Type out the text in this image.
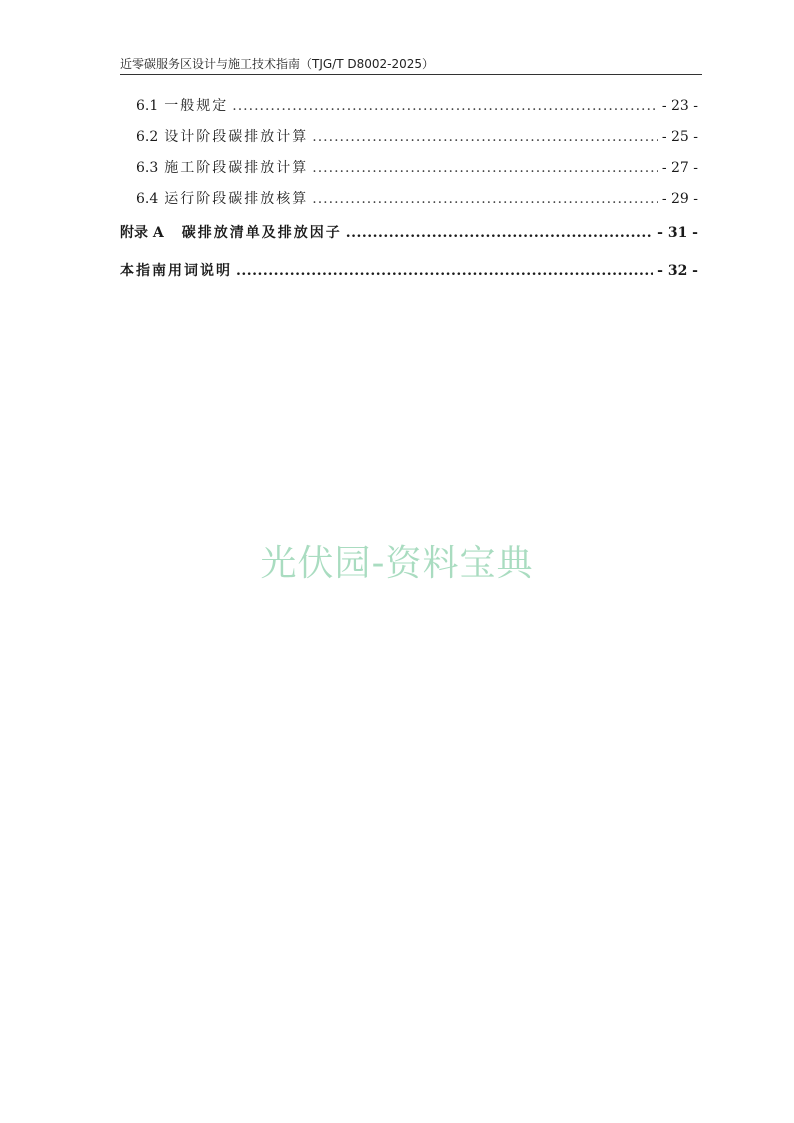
近零碳服务区设计与施工技术指南（TJG/T D8002-2025）
6.1 一般规定 .....	- 23 -
6.2 设计阶段碳排放计算 .....	- 25 -
6.3 施工阶段碳排放计算 .....	- 27 -
6.4 运行阶段碳排放核算 .....	- 29 -
附录 A 碳排放清单及排放因子 .....	- 31 -
本指南用词说明 .....	- 32 -
光伏园-资料宝典
